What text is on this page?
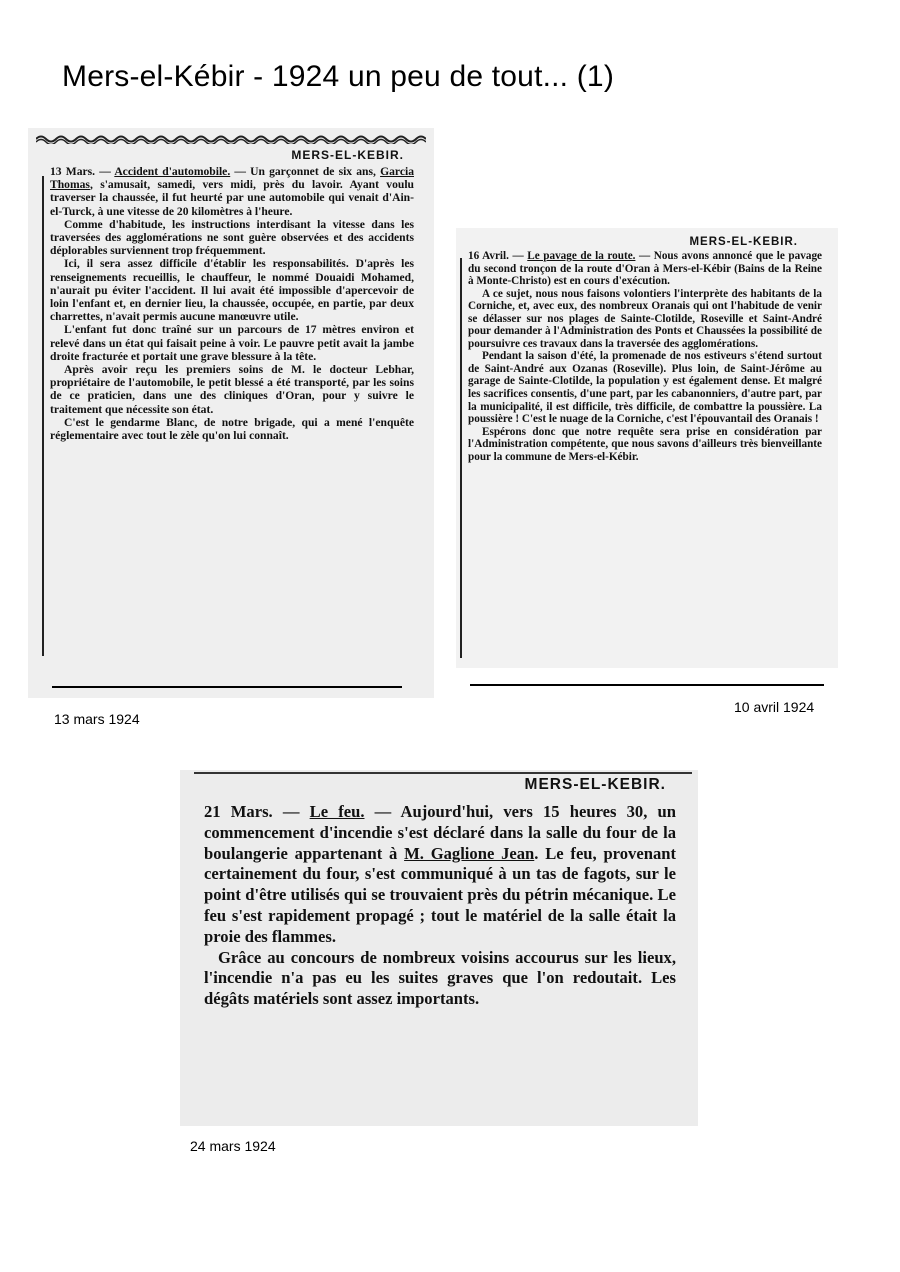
Mers-el-Kébir - 1924 un peu de tout... (1)
MERS-EL-KEBIR.

13 Mars. — Accident d'automobile. — Un garçonnet de six ans, Garcia Thomas, s'amusait, samedi, vers midi, près du lavoir. Ayant voulu traverser la chaussée, il fut heurté par une automobile qui venait d'Ain-el-Turck, à une vitesse de 20 kilomètres à l'heure.

Comme d'habitude, les instructions interdisant la vitesse dans les traversées des agglomérations ne sont guère observées et des accidents déplorables surviennent trop fréquemment.

Ici, il sera assez difficile d'établir les responsabilités. D'après les renseignements recueillis, le chauffeur, le nommé Douaidi Mohamed, n'aurait pu éviter l'accident. Il lui avait été impossible d'apercevoir de loin l'enfant et, en dernier lieu, la chaussée, occupée, en partie, par deux charrettes, n'avait permis aucune manœuvre utile.

L'enfant fut donc traîné sur un parcours de 17 mètres environ et relevé dans un état qui faisait peine à voir. Le pauvre petit avait la jambe droite fracturée et portait une grave blessure à la tête.

Après avoir reçu les premiers soins de M. le docteur Lebhar, propriétaire de l'automobile, le petit blessé a été transporté, par les soins de ce praticien, dans une des cliniques d'Oran, pour y suivre le traitement que nécessite son état.

C'est le gendarme Blanc, de notre brigade, qui a mené l'enquête réglementaire avec tout le zèle qu'on lui connaît.

13 mars 1924
MERS-EL-KEBIR.

16 Avril. — Le pavage de la route. — Nous avons annoncé que le pavage du second tronçon de la route d'Oran à Mers-el-Kébir (Bains de la Reine à Monte-Christo) est en cours d'exécution.

A ce sujet, nous nous faisons volontiers l'interprète des habitants de la Corniche, et, avec eux, des nombreux Oranais qui ont l'habitude de venir se délasser sur nos plages de Sainte-Clotilde, Roseville et Saint-André pour demander à l'Administration des Ponts et Chaussées la possibilité de poursuivre ces travaux dans la traversée des agglomérations.

Pendant la saison d'été, la promenade de nos estiveurs s'étend surtout de Saint-André aux Ozanas (Roseville). Plus loin, de Saint-Jérôme au garage de Sainte-Clotilde, la population y est également dense. Et malgré les sacrifices consentis, d'une part, par les cabanonniers, d'autre part, par la municipalité, il est difficile, très difficile, de combattre la poussière. La poussière ! C'est le nuage de la Corniche, c'est l'épouvantail des Oranais !

Espérons donc que notre requête sera prise en considération par l'Administration compétente, que nous savons d'ailleurs très bienveillante pour la commune de Mers-el-Kébir.

10 avril 1924
MERS-EL-KEBIR.

21 Mars. — Le feu. — Aujourd'hui, vers 15 heures 30, un commencement d'incendie s'est déclaré dans la salle du four de la boulangerie appartenant à M. Gaglione Jean. Le feu, provenant certainement du four, s'est communiqué à un tas de fagots, sur le point d'être utilisés qui se trouvaient près du pétrin mécanique. Le feu s'est rapidement propagé ; tout le matériel de la salle était la proie des flammes.

Grâce au concours de nombreux voisins accourus sur les lieux, l'incendie n'a pas eu les suites graves que l'on redoutait. Les dégâts matériels sont assez importants.

24 mars 1924
